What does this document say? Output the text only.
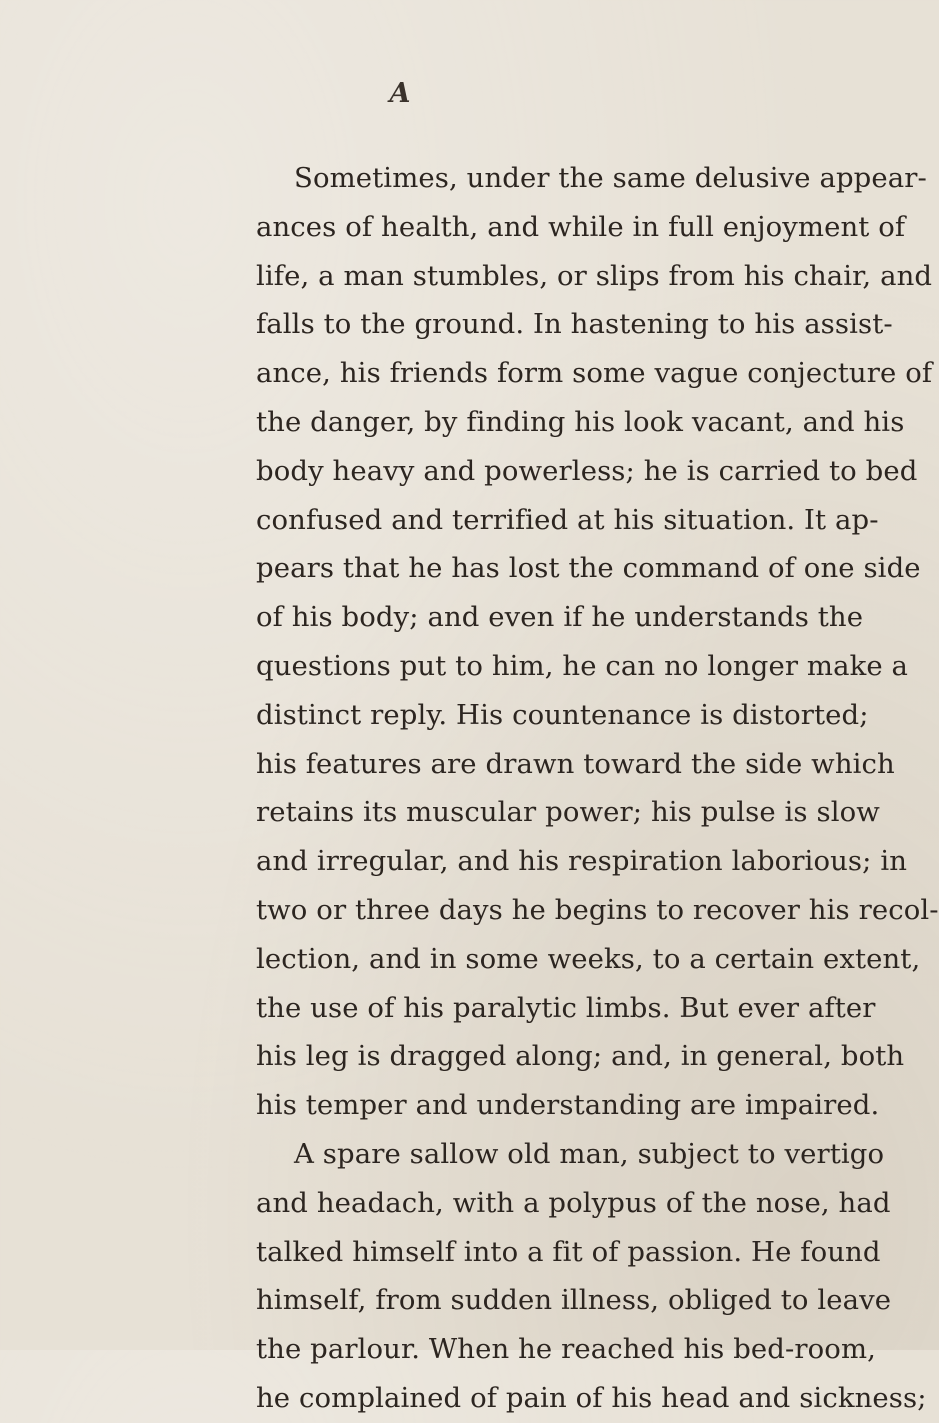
A
Sometimes, under the same delusive appear-
ances of health, and while in full enjoyment of
life, a man stumbles, or slips from his chair, and
falls to the ground. In hastening to his assist-
ance, his friends form some vague conjecture of
the danger, by finding his look vacant, and his
body heavy and powerless; he is carried to bed
confused and terrified at his situation. It ap-
pears that he has lost the command of one side
of his body; and even if he understands the
questions put to him, he can no longer make a
distinct reply. His countenance is distorted;
his features are drawn toward the side which
retains its muscular power; his pulse is slow
and irregular, and his respiration laborious; in
two or three days he begins to recover his recol-
lection, and in some weeks, to a certain extent,
the use of his paralytic limbs. But ever after
his leg is dragged along; and, in general, both
his temper and understanding are impaired.
A spare sallow old man, subject to vertigo
and headach, with a polypus of the nose, had
talked himself into a fit of passion. He found
himself, from sudden illness, obliged to leave
the parlour. When he reached his bed-room,
he complained of pain of his head and sickness;
